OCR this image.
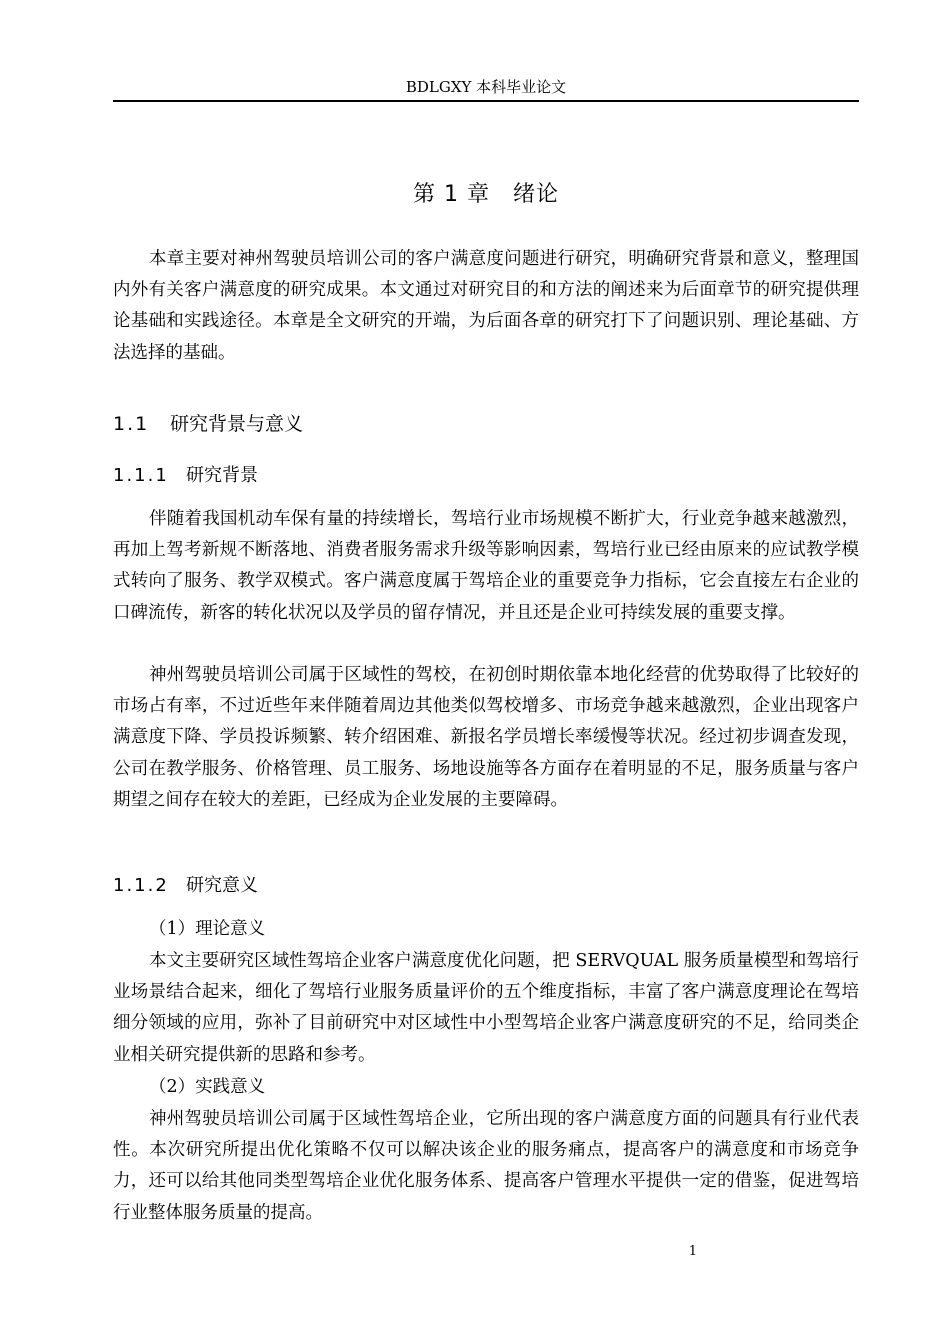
BDLGXY 本科毕业论文
第 1 章　绪论

本章主要对神州驾驶员培训公司的客户满意度问题进行研究，明确研究背景和意义，整理国内外有关客户满意度的研究成果。本文通过对研究目的和方法的阐述来为后面章节的研究提供理论基础和实践途径。本章是全文研究的开端，为后面各章的研究打下了问题识别、理论基础、方法选择的基础。

1.1 研究背景与意义
1.1.1 研究背景

伴随着我国机动车保有量的持续增长，驾培行业市场规模不断扩大，行业竞争越来越激烈，再加上驾考新规不断落地、消费者服务需求升级等影响因素，驾培行业已经由原来的应试教学模式转向了服务、教学双模式。客户满意度属于驾培企业的重要竞争力指标，它会直接左右企业的口碑流传，新客的转化状况以及学员的留存情况，并且还是企业可持续发展的重要支撑。

神州驾驶员培训公司属于区域性的驾校，在初创时期依靠本地化经营的优势取得了比较好的市场占有率，不过近些年来伴随着周边其他类似驾校增多、市场竞争越来越激烈，企业出现客户满意度下降、学员投诉频繁、转介绍困难、新报名学员增长率缓慢等状况。经过初步调查发现，公司在教学服务、价格管理、员工服务、场地设施等各方面存在着明显的不足，服务质量与客户期望之间存在较大的差距，已经成为企业发展的主要障碍。

1.1.2 研究意义

（1）理论意义

本文主要研究区域性驾培企业客户满意度优化问题，把 SERVQUAL 服务质量模型和驾培行业场景结合起来，细化了驾培行业服务质量评价的五个维度指标，丰富了客户满意度理论在驾培细分领域的应用，弥补了目前研究中对区域性中小型驾培企业客户满意度研究的不足，给同类企业相关研究提供新的思路和参考。

（2）实践意义

神州驾驶员培训公司属于区域性驾培企业，它所出现的客户满意度方面的问题具有行业代表性。本次研究所提出优化策略不仅可以解决该企业的服务痛点，提高客户的满意度和市场竞争力，还可以给其他同类型驾培企业优化服务体系、提高客户管理水平提供一定的借鉴，促进驾培行业整体服务质量的提高。

1
